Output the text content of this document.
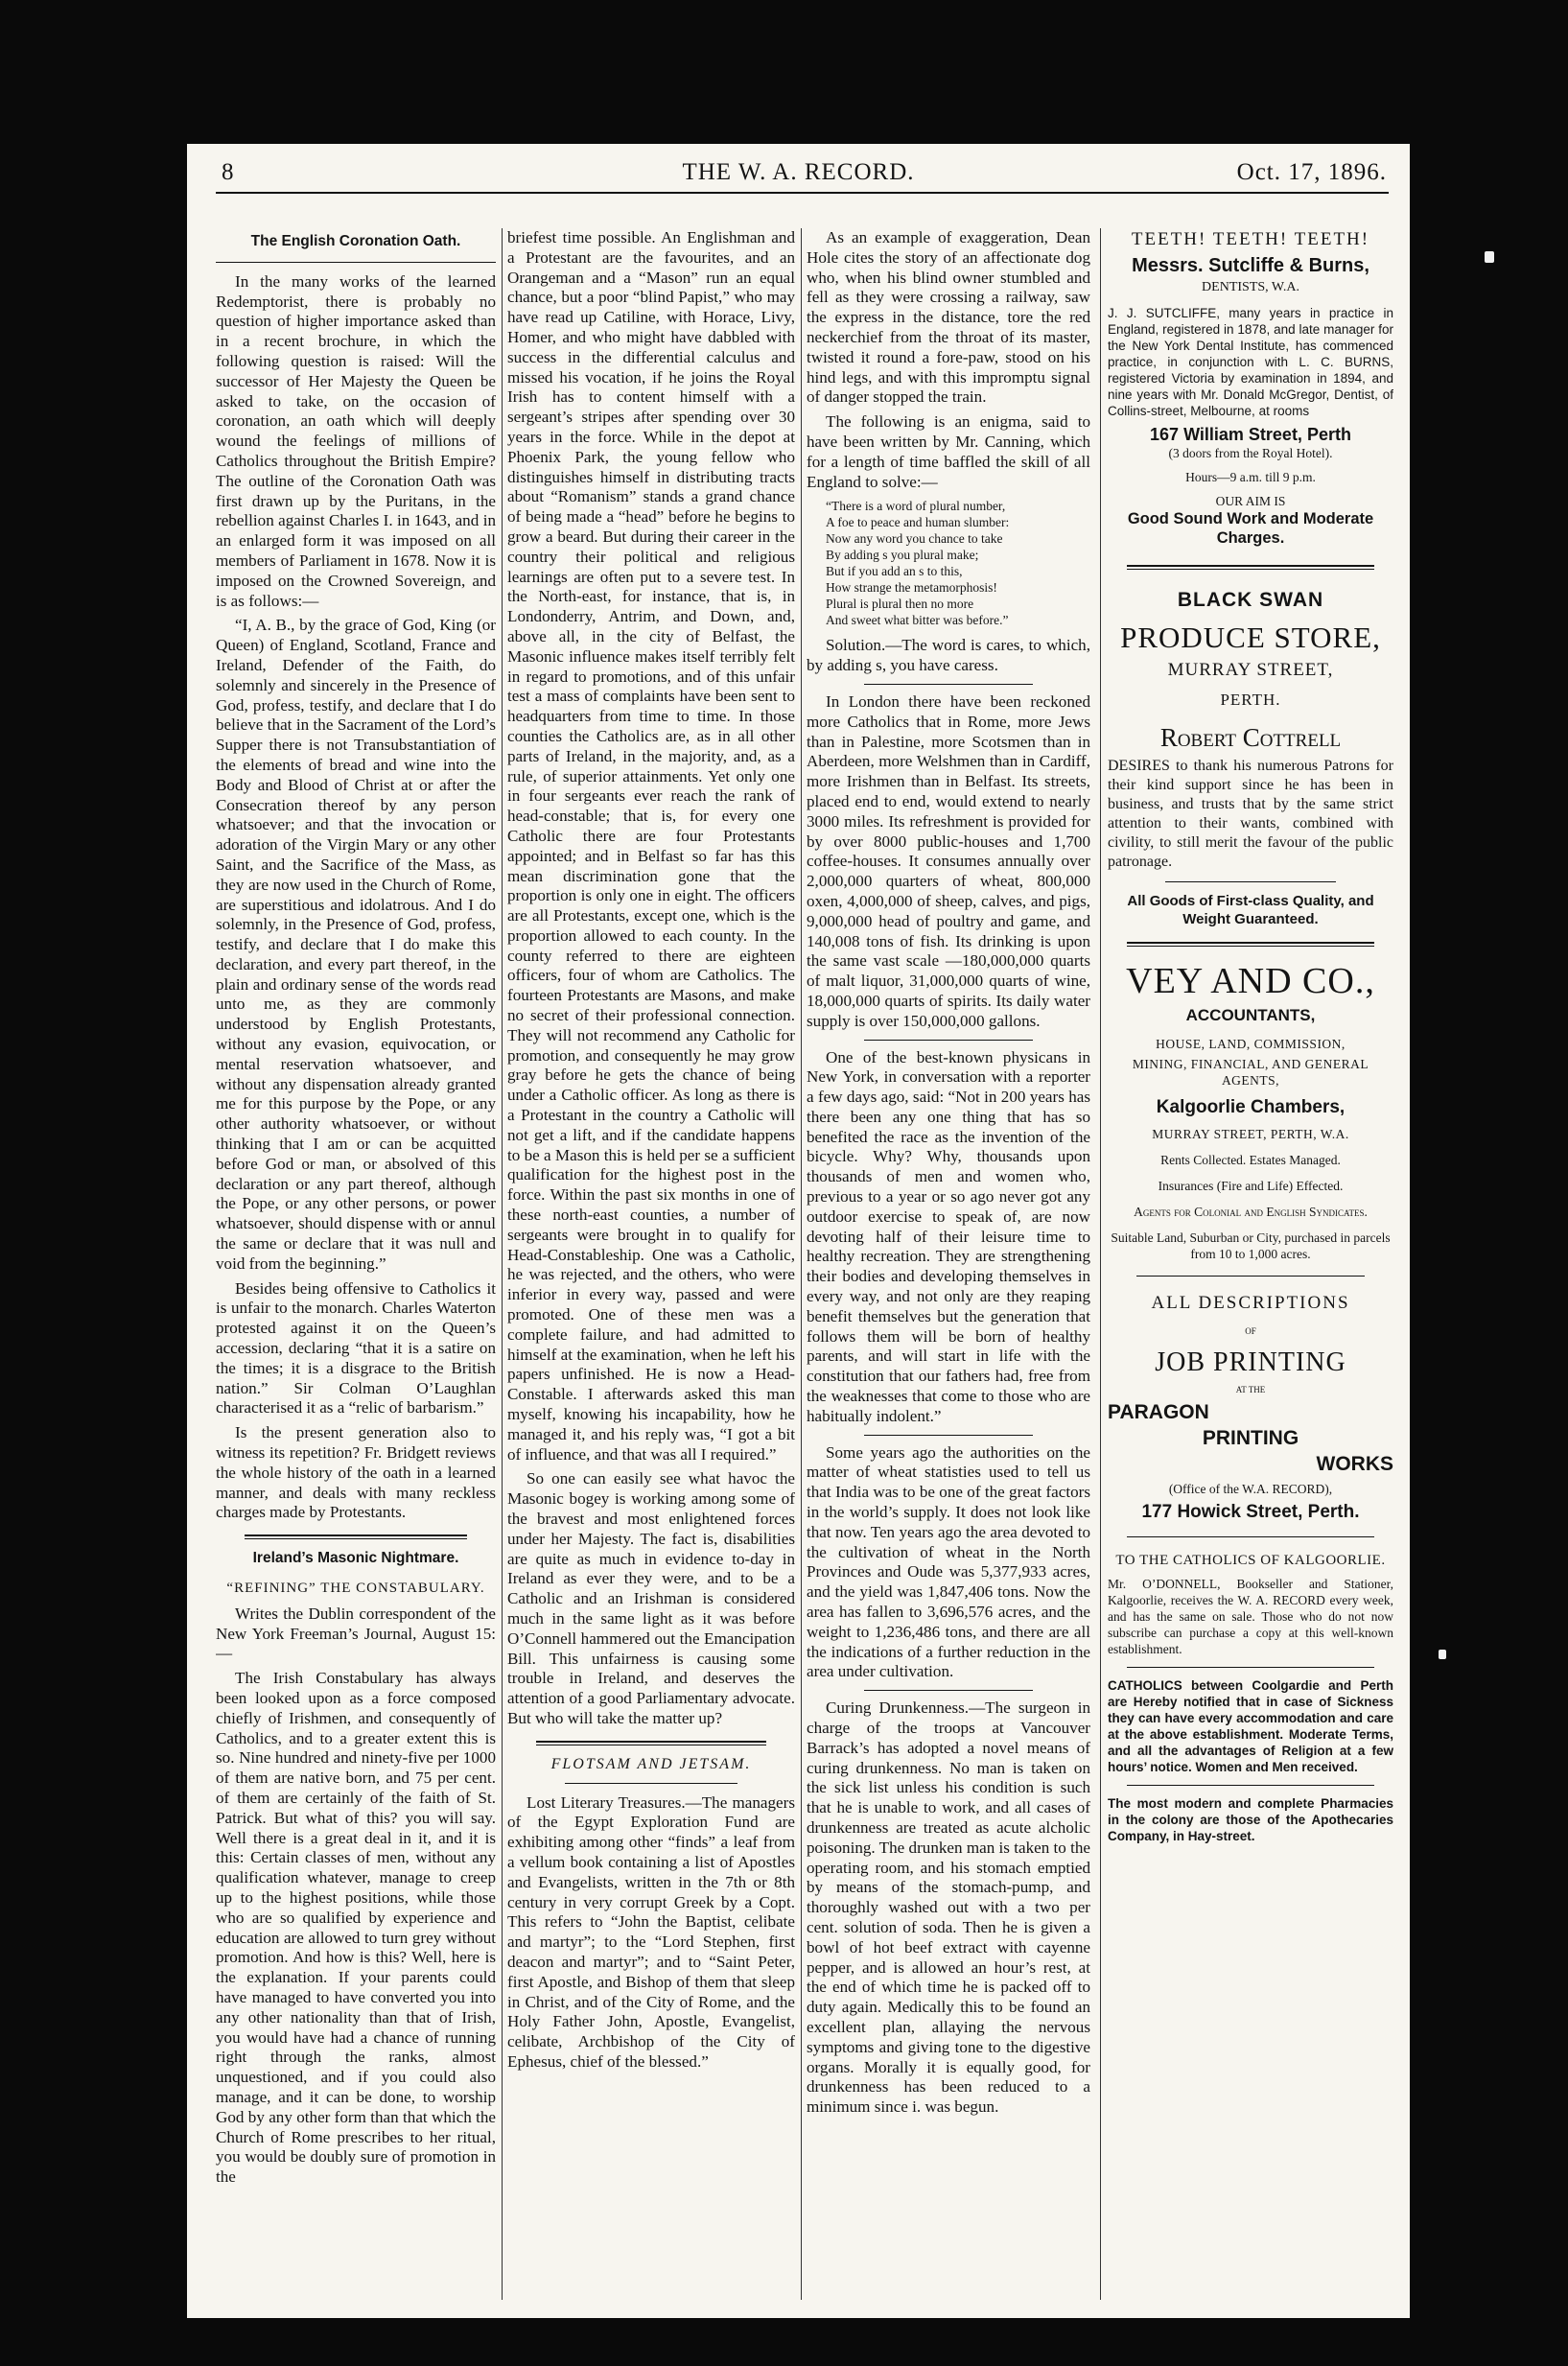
THE W. A. RECORD.
8	Oct. 17, 1896.
The English Coronation Oath.

In the many works of the learned Redemptorist, there is probably no question of higher importance asked than in a recent brochure, in which the following question is raised: Will the successor of Her Majesty the Queen be asked to take, on the occasion of coronation, an oath which will deeply wound the feelings of millions of Catholics throughout the British Empire? The outline of the Coronation Oath was first drawn up by the Puritans, in the rebellion against Charles I. in 1643, and in an enlarged form it was imposed on all members of Parliament in 1678. Now it is imposed on the Crowned Sovereign, and is as follows:—

“I, A. B., by the grace of God, King (or Queen) of England, Scotland, France and Ireland, Defender of the Faith, do solemnly and sincerely in the Presence of God, profess, testify, and declare that I do believe that in the Sacrament of the Lord’s Supper there is not Transubstantiation of the elements of bread and wine into the Body and Blood of Christ at or after the Consecration thereof by any person whatsoever; and that the invocation or adoration of the Virgin Mary or any other Saint, and the Sacrifice of the Mass, as they are now used in the Church of Rome, are superstitious and idolatrous. And I do solemnly, in the Presence of God, profess, testify, and declare that I do make this declaration, and every part thereof, in the plain and ordinary sense of the words read unto me, as they are commonly understood by English Protestants, without any evasion, equivocation, or mental reservation whatsoever, and without any dispensation already granted me for this purpose by the Pope, or any other authority whatsoever, or without thinking that I am or can be acquitted before God or man, or absolved of this declaration or any part thereof, although the Pope, or any other persons, or power whatsoever, should dispense with or annul the same or declare that it was null and void from the beginning.”

Besides being offensive to Catholics it is unfair to the monarch. Charles Waterton protested against it on the Queen’s accession, declaring “that it is a satire on the times; it is a disgrace to the British nation.” Sir Colman O’Laughlan characterised it as a “relic of barbarism.”

Is the present generation also to witness its repetition? Fr. Bridgett reviews the whole history of the oath in a learned manner, and deals with many reckless charges made by Protestants.

Ireland’s Masonic Nightmare.
“REFINING” THE CONSTABULARY.

Writes the Dublin correspondent of the New York Freeman’s Journal, August 15:—

The Irish Constabulary has always been looked upon as a force composed chiefly of Irishmen, and consequently of Catholics, and to a greater extent this is so. Nine hundred and ninety-five per 1000 of them are native born, and 75 per cent. of them are certainly of the faith of St. Patrick. But what of this? you will say. Well there is a great deal in it, and it is this: Certain classes of men, without any qualification whatever, manage to creep up to the highest positions, while those who are so qualified by experience and education are allowed to turn grey without promotion. And how is this? Well, here is the explanation. If your parents could have managed to have converted you into any other nationality than that of Irish, you would have had a chance of running right through the ranks, almost unquestioned, and if you could also manage, and it can be done, to worship God by any other form than that which the Church of Rome prescribes to her ritual, you would be doubly sure of promotion in the

briefest time possible. An Englishman and a Protestant are the favourites, and an Orangeman and a “Mason” run an equal chance, but a poor “blind Papist,” who may have read up Catiline, with Horace, Livy, Homer, and who might have dabbled with success in the differential calculus and missed his vocation, if he joins the Royal Irish has to content himself with a sergeant’s stripes after spending over 30 years in the force. While in the depot at Phoenix Park, the young fellow who distinguishes himself in distributing tracts about “Romanism” stands a grand chance of being made a “head” before he begins to grow a beard. But during their career in the country their political and religious learnings are often put to a severe test. In the North-east, for instance, that is, in Londonderry, Antrim, and Down, and, above all, in the city of Belfast, the Masonic influence makes itself terribly felt in regard to promotions, and of this unfair test a mass of complaints have been sent to headquarters from time to time. In those counties the Catholics are, as in all other parts of Ireland, in the majority, and, as a rule, of superior attainments. Yet only one in four sergeants ever reach the rank of head-constable; that is, for every one Catholic there are four Protestants appointed; and in Belfast so far has this mean discrimination gone that the proportion is only one in eight. The officers are all Protestants, except one, which is the proportion allowed to each county. In the county referred to there are eighteen officers, four of whom are Catholics. The fourteen Protestants are Masons, and make no secret of their professional connection. They will not recommend any Catholic for promotion, and consequently he may grow gray before he gets the chance of being under a Catholic officer. As long as there is a Protestant in the country a Catholic will not get a lift, and if the candidate happens to be a Mason this is held per se a sufficient qualification for the highest post in the force. Within the past six months in one of these north-east counties, a number of sergeants were brought in to qualify for Head-Constableship. One was a Catholic, he was rejected, and the others, who were inferior in every way, passed and were promoted. One of these men was a complete failure, and had admitted to himself at the examination, when he left his papers unfinished. He is now a Head-Constable. I afterwards asked this man myself, knowing his incapability, how he managed it, and his reply was, “I got a bit of influence, and that was all I required.”

So one can easily see what havoc the Masonic bogey is working among some of the bravest and most enlightened forces under her Majesty. The fact is, disabilities are quite as much in evidence to-day in Ireland as ever they were, and to be a Catholic and an Irishman is considered much in the same light as it was before O’Connell hammered out the Emancipation Bill. This unfairness is causing some trouble in Ireland, and deserves the attention of a good Parliamentary advocate. But who will take the matter up?

FLOTSAM AND JETSAM.

Lost Literary Treasures.—The managers of the Egypt Exploration Fund are exhibiting among other “finds” a leaf from a vellum book containing a list of Apostles and Evangelists, written in the 7th or 8th century in very corrupt Greek by a Copt. This refers to “John the Baptist, celibate and martyr”; to the “Lord Stephen, first deacon and martyr”; and to “Saint Peter, first Apostle, and Bishop of them that sleep in Christ, and of the City of Rome, and the Holy Father John, Apostle, Evangelist, celibate, Archbishop of the City of Ephesus, chief of the blessed.”

As an example of exaggeration, Dean Hole cites the story of an affectionate dog who, when his blind owner stumbled and fell as they were crossing a railway, saw the express in the distance, tore the red neckerchief from the throat of its master, twisted it round a fore-paw, stood on his hind legs, and with this impromptu signal of danger stopped the train.

The following is an enigma, said to have been written by Mr. Canning, which for a length of time baffled the skill of all England to solve:—

“There is a word of plural number,
A foe to peace and human slumber:
Now any word you chance to take
By adding s you plural make;
But if you add an s to this,
How strange the metamorphosis!
Plural is plural then no more
And sweet what bitter was before.”

Solution.—The word is cares, to which, by adding s, you have caress.

In London there have been reckoned more Catholics that in Rome, more Jews than in Palestine, more Scotsmen than in Aberdeen, more Welshmen than in Cardiff, more Irishmen than in Belfast. Its streets, placed end to end, would extend to nearly 3000 miles. Its refreshment is provided for by over 8000 public-houses and 1,700 coffee-houses. It consumes annually over 2,000,000 quarters of wheat, 800,000 oxen, 4,000,000 of sheep, calves, and pigs, 9,000,000 head of poultry and game, and 140,008 tons of fish. Its drinking is upon the same vast scale —180,000,000 quarts of malt liquor, 31,000,000 quarts of wine, 18,000,000 quarts of spirits. Its daily water supply is over 150,000,000 gallons.

One of the best-known physicans in New York, in conversation with a reporter a few days ago, said: “Not in 200 years has there been any one thing that has so benefited the race as the invention of the bicycle. Why? Why, thousands upon thousands of men and women who, previous to a year or so ago never got any outdoor exercise to speak of, are now devoting half of their leisure time to healthy recreation. They are strengthening their bodies and developing themselves in every way, and not only are they reaping benefit themselves but the generation that follows them will be born of healthy parents, and will start in life with the constitution that our fathers had, free from the weaknesses that come to those who are habitually indolent.”

Some years ago the authorities on the matter of wheat statisties used to tell us that India was to be one of the great factors in the world’s supply. It does not look like that now. Ten years ago the area devoted to the cultivation of wheat in the North Provinces and Oude was 5,377,933 acres, and the yield was 1,847,406 tons. Now the area has fallen to 3,696,576 acres, and the weight to 1,236,486 tons, and there are all the indications of a further reduction in the area under cultivation.

Curing Drunkenness.—The surgeon in charge of the troops at Vancouver Barrack’s has adopted a novel means of curing drunkenness. No man is taken on the sick list unless his condition is such that he is unable to work, and all cases of drunkenness are treated as acute alcholic poisoning. The drunken man is taken to the operating room, and his stomach emptied by means of the stomach-pump, and thoroughly washed out with a two per cent. solution of soda. Then he is given a bowl of hot beef extract with cayenne pepper, and is allowed an hour’s rest, at the end of which time he is packed off to duty again. Medically this to be found an excellent plan, allaying the nervous symptoms and giving tone to the digestive organs. Morally it is equally good, for drunkenness has been reduced to a minimum since i. was begun.

TEETH! TEETH! TEETH!
Messrs. Sutcliffe & Burns,
DENTISTS, W.A.
J. J. SUTCLIFFE, many years in practice in England, registered in 1878, and late manager for the New York Dental Institute, has commenced practice, in conjunction with L. C. BURNS, registered Victoria by examination in 1894, and nine years with Mr. Donald McGregor, Dentist, of Collins-street, Melbourne, at rooms
167 William Street, Perth
(3 doors from the Royal Hotel).
Hours—9 a.m. till 9 p.m.
OUR AIM IS
Good Sound Work and Moderate Charges.
BLACK SWAN
PRODUCE STORE,
MURRAY STREET,
PERTH.
Robert Cottrell
DESIRES to thank his numerous Patrons for their kind support since he has been in business, and trusts that by the same strict attention to their wants, combined with civility, to still merit the favour of the public patronage.
All Goods of First-class Quality, and Weight Guaranteed.
VEY AND CO.,
ACCOUNTANTS,
HOUSE, LAND, COMMISSION,
MINING, FINANCIAL, AND GENERAL AGENTS,
Kalgoorlie Chambers,
MURRAY STREET, PERTH, W.A.
Rents Collected. Estates Managed.
Insurances (Fire and Life) Effected.
Agents for Colonial and English Syndicates.
Suitable Land, Suburban or City, purchased in parcels from 10 to 1,000 acres.
ALL DESCRIPTIONS
OF
JOB PRINTING
AT THE
PARAGON
PRINTING
WORKS
(Office of the W.A. RECORD),
177 Howick Street, Perth.
TO THE CATHOLICS OF KALGOORLIE.
Mr. O’DONNELL, Bookseller and Stationer, Kalgoorlie, receives the W. A. RECORD every week, and has the same on sale. Those who do not now subscribe can purchase a copy at this well-known establishment.
CATHOLICS between Coolgardie and Perth are Hereby notified that in case of Sickness they can have every accommodation and care at the above establishment. Moderate Terms, and all the advantages of Religion at a few hours’ notice. Women and Men received.
The most modern and complete Pharmacies in the colony are those of the Apothecaries Company, in Hay-street.
